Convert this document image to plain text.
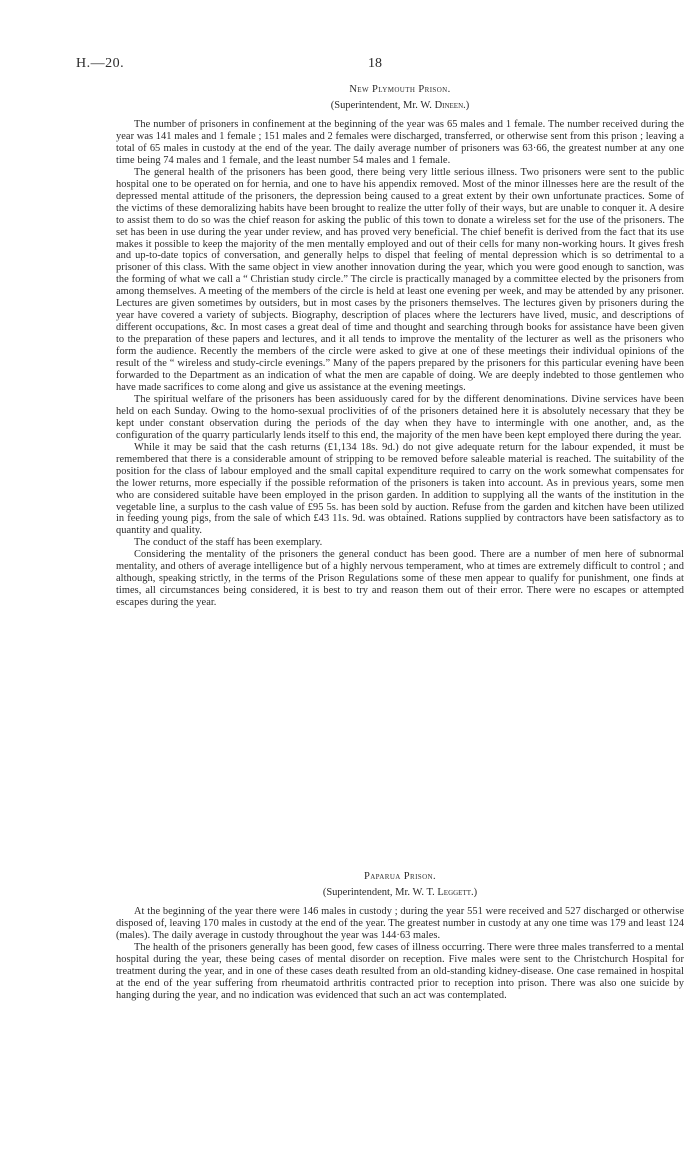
H.—20.	18

New Plymouth Prison.

(Superintendent, Mr. W. Dineen.)

The number of prisoners in confinement at the beginning of the year was 65 males and 1 female. The number received during the year was 141 males and 1 female ; 151 males and 2 females were discharged, transferred, or otherwise sent from this prison ; leaving a total of 65 males in custody at the end of the year. The daily average number of prisoners was 63·66, the greatest number at any one time being 74 males and 1 female, and the least number 54 males and 1 female.

The general health of the prisoners has been good, there being very little serious illness. Two prisoners were sent to the public hospital one to be operated on for hernia, and one to have his appendix removed. Most of the minor illnesses here are the result of the depressed mental attitude of the prisoners, the depression being caused to a great extent by their own unfortunate practices. Some of the victims of these demoralizing habits have been brought to realize the utter folly of their ways, but are unable to conquer it. A desire to assist them to do so was the chief reason for asking the public of this town to donate a wireless set for the use of the prisoners. The set has been in use during the year under review, and has proved very beneficial. The chief benefit is derived from the fact that its use makes it possible to keep the majority of the men mentally employed and out of their cells for many non-working hours. It gives fresh and up-to-date topics of conversation, and generally helps to dispel that feeling of mental depression which is so detrimental to a prisoner of this class. With the same object in view another innovation during the year, which you were good enough to sanction, was the forming of what we call a “ Christian study circle.” The circle is practically managed by a committee elected by the prisoners from among themselves. A meeting of the members of the circle is held at least one evening per week, and may be attended by any prisoner. Lectures are given sometimes by outsiders, but in most cases by the prisoners themselves. The lectures given by prisoners during the year have covered a variety of subjects. Biography, description of places where the lecturers have lived, music, and descriptions of different occupations, &c. In most cases a great deal of time and thought and searching through books for assistance have been given to the preparation of these papers and lectures, and it all tends to improve the mentality of the lecturer as well as the prisoners who form the audience. Recently the members of the circle were asked to give at one of these meetings their individual opinions of the result of the “ wireless and study-circle evenings.” Many of the papers prepared by the prisoners for this particular evening have been forwarded to the Department as an indication of what the men are capable of doing. We are deeply indebted to those gentlemen who have made sacrifices to come along and give us assistance at the evening meetings.

The spiritual welfare of the prisoners has been assiduously cared for by the different denominations. Divine services have been held on each Sunday. Owing to the homo-sexual proclivities of of the prisoners detained here it is absolutely necessary that they be kept under constant observation during the periods of the day when they have to intermingle with one another, and, as the configuration of the quarry particularly lends itself to this end, the majority of the men have been kept employed there during the year.

While it may be said that the cash returns (£1,134 18s. 9d.) do not give adequate return for the labour expended, it must be remembered that there is a considerable amount of stripping to be removed before saleable material is reached. The suitability of the position for the class of labour employed and the small capital expenditure required to carry on the work somewhat compensates for the lower returns, more especially if the possible reformation of the prisoners is taken into account. As in previous years, some men who are considered suitable have been employed in the prison garden. In addition to supplying all the wants of the institution in the vegetable line, a surplus to the cash value of £95 5s. has been sold by auction. Refuse from the garden and kitchen have been utilized in feeding young pigs, from the sale of which £43 11s. 9d. was obtained. Rations supplied by contractors have been satisfactory as to quantity and quality.

The conduct of the staff has been exemplary.

Considering the mentality of the prisoners the general conduct has been good. There are a number of men here of subnormal mentality, and others of average intelligence but of a highly nervous temperament, who at times are extremely difficult to control ; and although, speaking strictly, in the terms of the Prison Regulations some of these men appear to qualify for punishment, one finds at times, all circumstances being considered, it is best to try and reason them out of their error. There were no escapes or attempted escapes during the year.

Paparua Prison.

(Superintendent, Mr. W. T. Leggett.)

At the beginning of the year there were 146 males in custody ; during the year 551 were received and 527 discharged or otherwise disposed of, leaving 170 males in custody at the end of the year. The greatest number in custody at any one time was 179 and least 124 (males). The daily average in custody throughout the year was 144·63 males.

The health of the prisoners generally has been good, few cases of illness occurring. There were three males transferred to a mental hospital during the year, these being cases of mental disorder on reception. Five males were sent to the Christchurch Hospital for treatment during the year, and in one of these cases death resulted from an old-standing kidney-disease. One case remained in hospital at the end of the year suffering from rheumatoid arthritis contracted prior to reception into prison. There was also one suicide by hanging during the year, and no indication was evidenced that such an act was contemplated.
